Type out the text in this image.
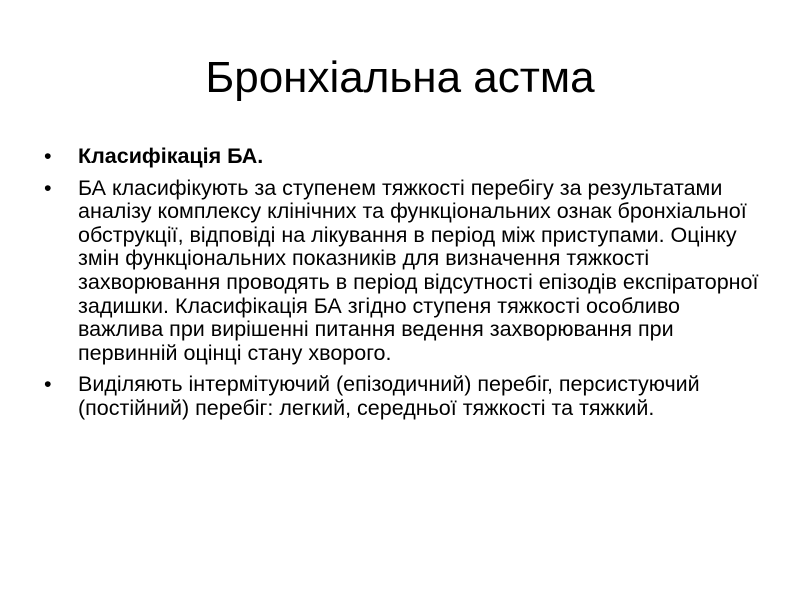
Бронхіальна астма
•	Класифікація БА.
•	БА класифікують за ступенем тяжкості перебігу за результатами аналізу комплексу клінічних та функціональних ознак бронхіальної обструкції, відповіді на лікування в період між приступами. Оцінку змін функціональних показників для визначення тяжкості захворювання проводять в період відсутності епізодів експіраторної задишки. Класифікація БА згідно ступеня тяжкості особливо важлива при вирішенні питання ведення захворювання при первинній оцінці стану хворого.
•	Виділяють інтермітуючий (епізодичний) перебіг, персистуючий (постійний) перебіг: легкий, середньої тяжкості та тяжкий.
